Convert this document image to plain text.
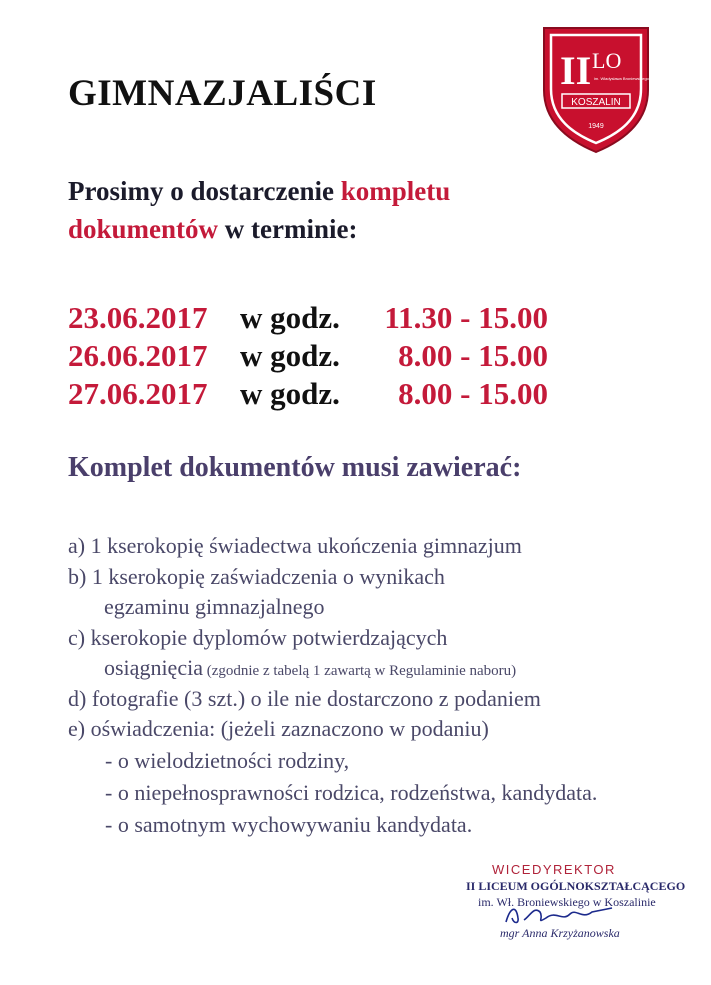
GIMNAZJALIŚCI
II LO
im. Władysława Broniewskiego
KOSZALIN
1949
Prosimy o dostarczenie kompletu
dokumentów w terminie:
23.06.2017 w godz. 11.30 - 15.00
26.06.2017 w godz. 8.00 - 15.00
27.06.2017 w godz. 8.00 - 15.00
Komplet dokumentów musi zawierać:
a) 1 kserokopię świadectwa ukończenia gimnazjum
b) 1 kserokopię zaświadczenia o wynikach
egzaminu gimnazjalnego
c) kserokopie dyplomów potwierdzających
osiągnięcia (zgodnie z tabelą 1 zawartą w Regulaminie naboru)
d) fotografie (3 szt.) o ile nie dostarczono z podaniem
e) oświadczenia: (jeżeli zaznaczono w podaniu)
- o wielodzietności rodziny,
- o niepełnosprawności rodzica, rodzeństwa, kandydata.
- o samotnym wychowywaniu kandydata.
WICEDYREKTOR
II LICEUM OGÓLNOKSZTAŁCĄCEGO
im. Wł. Broniewskiego w Koszalinie
mgr Anna Krzyżanowska
